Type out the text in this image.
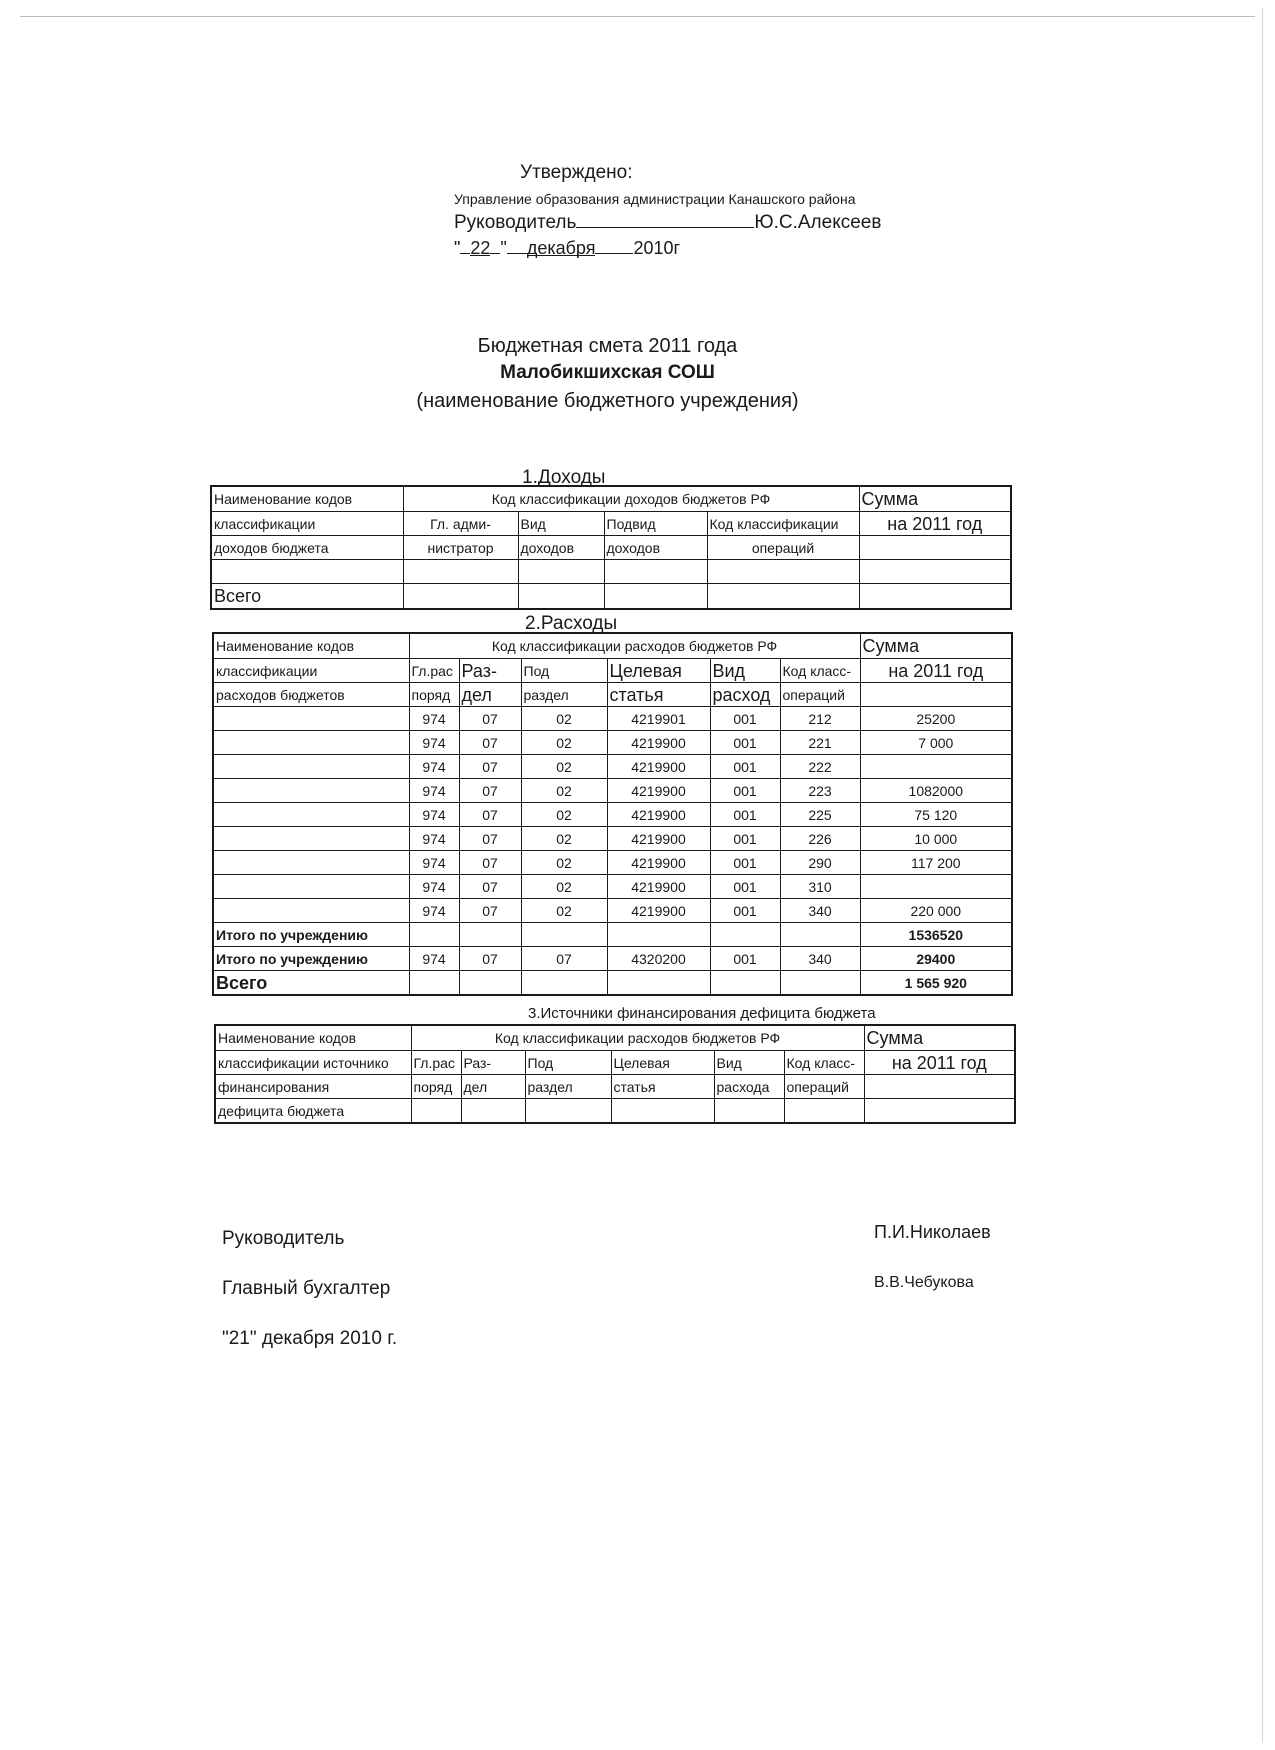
Утверждено:
Управление образования администрации Канашского района
Руководитель	Ю.С.Алексеев
" 22 " декабря 2010г
Бюджетная смета 2011 года
Малобикшихская СОШ
(наименование бюджетного учреждения)
1.Доходы
Наименование кодов	Код классификации доходов бюджетов РФ				Сумма
классификации	Гл. адми-	Вид	Подвид	Код классификации	на 2011 год
доходов бюджета	нистратор	доходов	доходов	операций	

Всего					
2.Расходы
Наименование кодов	Код классификации расходов бюджетов РФ						Сумма
классификации	Гл.рас	Раз-	Под	Целевая	Вид	Код класс-	на 2011 год
расходов бюджетов	поряд	дел	раздел	статья	расход	операций	
	974	07	02	4219901	001	212	25200
	974	07	02	4219900	001	221	7 000
	974	07	02	4219900	001	222	
	974	07	02	4219900	001	223	1082000
	974	07	02	4219900	001	225	75 120
	974	07	02	4219900	001	226	10 000
	974	07	02	4219900	001	290	117 200
	974	07	02	4219900	001	310	
	974	07	02	4219900	001	340	220 000
Итого по учреждению							1536520
Итого по учреждению	974	07	07	4320200	001	340	29400
Всего							1 565 920
3.Источники финансирования дефицита бюджета
Наименование кодов	Код классификации расходов бюджетов РФ						Сумма
классификации источнико	Гл.рас	Раз-	Под	Целевая	Вид	Код класс-	на 2011 год
финансирования	поряд	дел	раздел	статья	расхода	операций	
дефицита бюджета							
Руководитель	П.И.Николаев
Главный бухгалтер	В.В.Чебукова
"21" декабря 2010 г.
